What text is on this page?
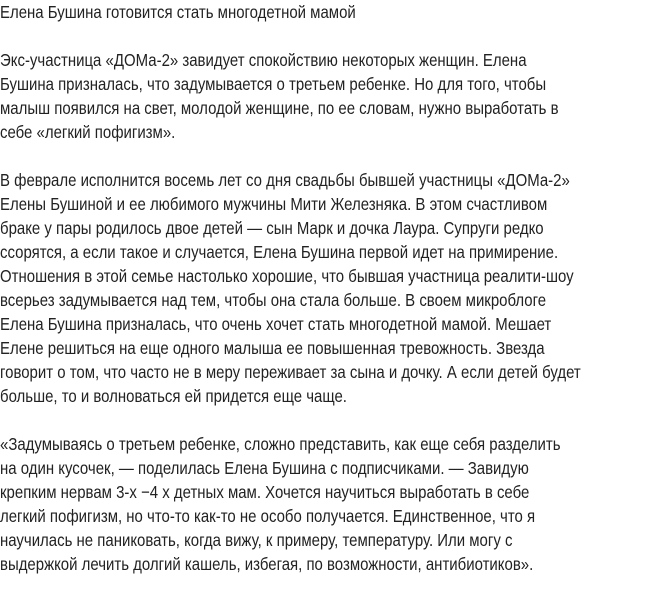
Елена Бушина готовится стать многодетной мамой
Экс-участница «ДОМа-2» завидует спокойствию некоторых женщин. Елена
Бушина призналась, что задумывается о третьем ребенке. Но для того, чтобы
малыш появился на свет, молодой женщине, по ее словам, нужно выработать в
себе «легкий пофигизм».
В феврале исполнится восемь лет со дня свадьбы бывшей участницы «ДОМа-2»
Елены Бушиной и ее любимого мужчины Мити Железняка. В этом счастливом
браке у пары родилось двое детей — сын Марк и дочка Лаура. Супруги редко
ссорятся, а если такое и случается, Елена Бушина первой идет на примирение.
Отношения в этой семье настолько хорошие, что бывшая участница реалити-шоу
всерьез задумывается над тем, чтобы она стала больше. В своем микроблоге
Елена Бушина призналась, что очень хочет стать многодетной мамой. Мешает
Елене решиться на еще одного малыша ее повышенная тревожность. Звезда
говорит о том, что часто не в меру переживает за сына и дочку. А если детей будет
больше, то и волноваться ей придется еще чаще.
«Задумываясь о третьем ребенке, сложно представить, как еще себя разделить
на один кусочек, — поделилась Елена Бушина с подписчиками. — Завидую
крепким нервам 3-х −4 х детных мам. Хочется научиться выработать в себе
легкий пофигизм, но что-то как-то не особо получается. Единственное, что я
научилась не паниковать, когда вижу, к примеру, температуру. Или могу с
выдержкой лечить долгий кашель, избегая, по возможности, антибиотиков».
